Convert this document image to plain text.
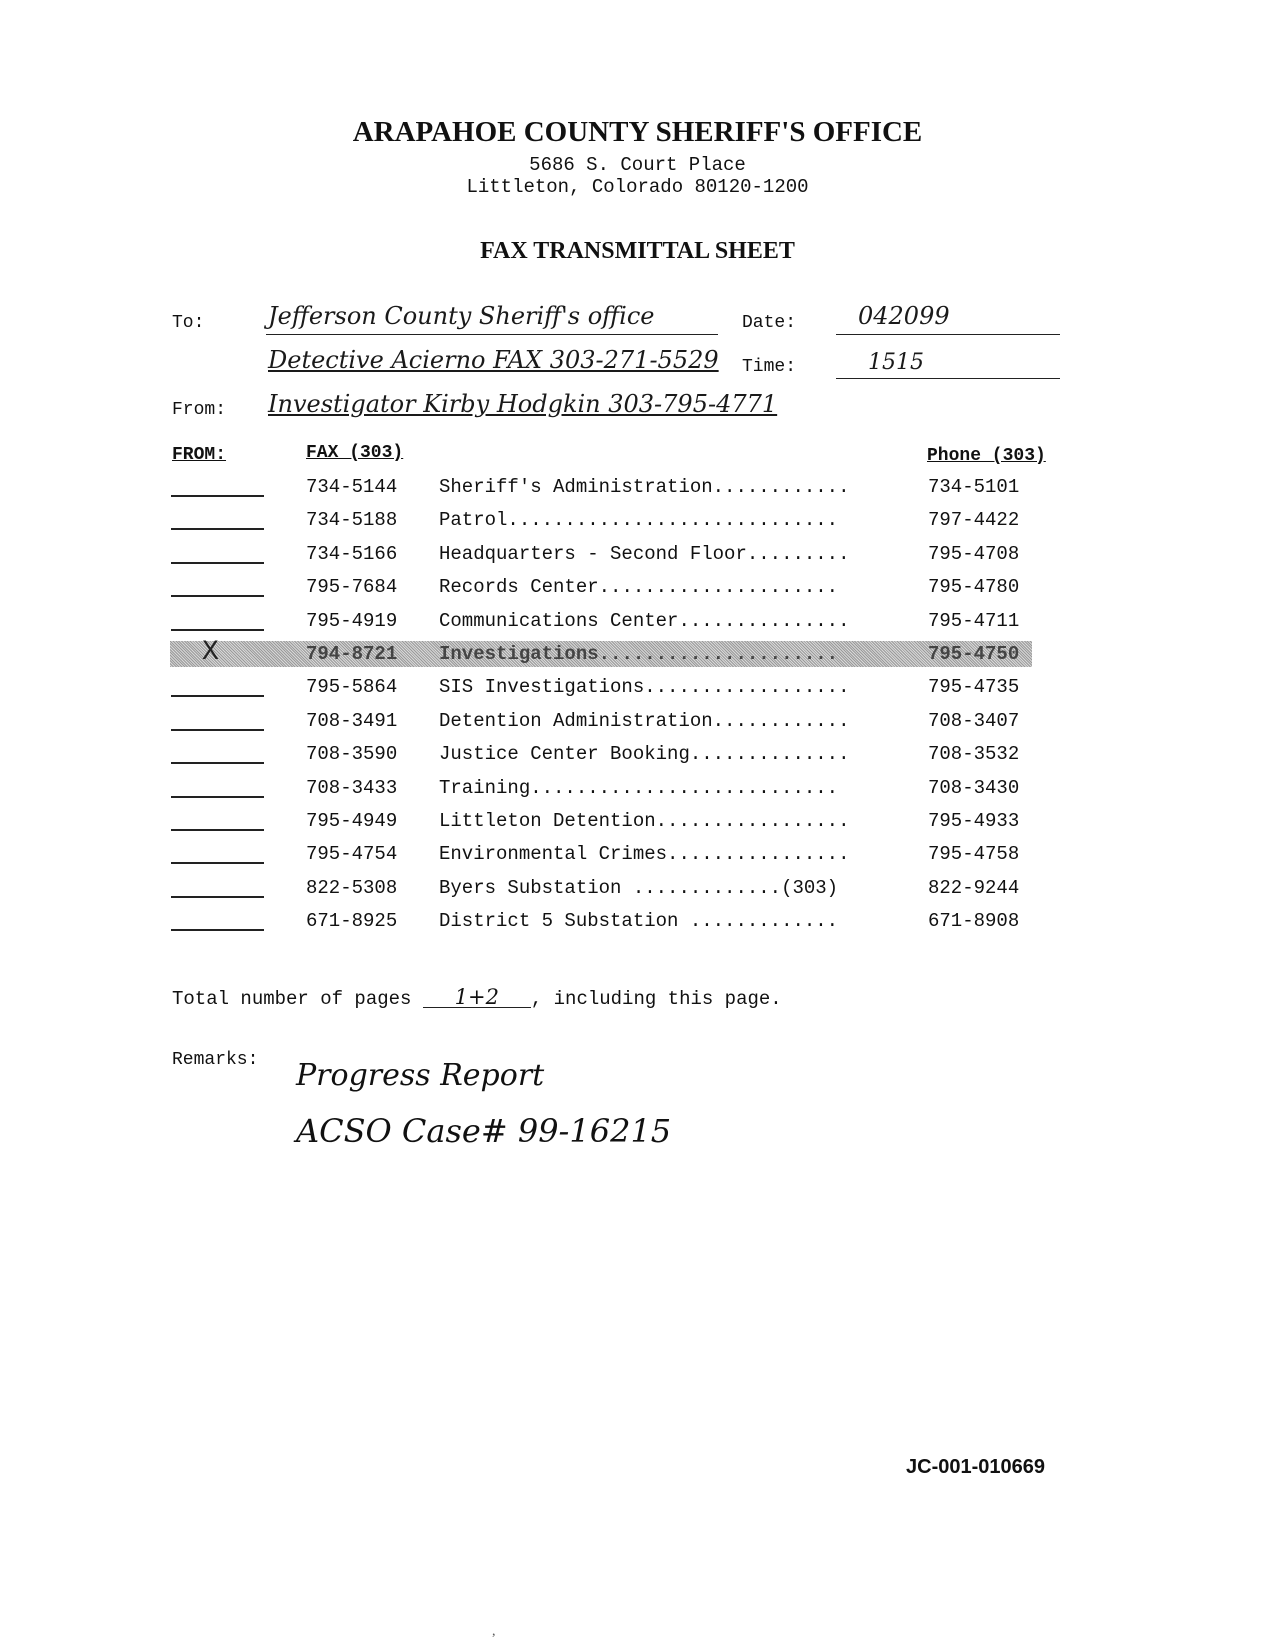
ARAPAHOE COUNTY SHERIFF'S OFFICE
5686 S. Court Place
Littleton, Colorado 80120-1200
FAX TRANSMITTAL SHEET
To:	Jefferson County Sheriff's office	Date:	042099
Detective Acierno FAX 303-271-5529 Time:	1515
From: Investigator Kirby Hodgkin 303-795-4771
FROM:	FAX (303)	Phone (303)
734-5144 Sheriff's Administration............	734-5101
734-5188 Patrol.............................	797-4422
734-5166 Headquarters - Second Floor.........	795-4708
795-7684 Records Center.....................	795-4780
795-4919 Communications Center...............	795-4711
X	794-8721 Investigations.....................	795-4750
795-5864 SIS Investigations..................	795-4735
708-3491 Detention Administration............	708-3407
708-3590 Justice Center Booking..............	708-3532
708-3433 Training...........................	708-3430
795-4949 Littleton Detention.................	795-4933
795-4754 Environmental Crimes................	795-4758
822-5308 Byers Substation .............(303)	822-9244
671-8925 District 5 Substation .............	671-8908
Total number of pages 1+2 , including this page.
Remarks: Progress Report
ACSO Case# 99-16215
JC-001-010669
,
